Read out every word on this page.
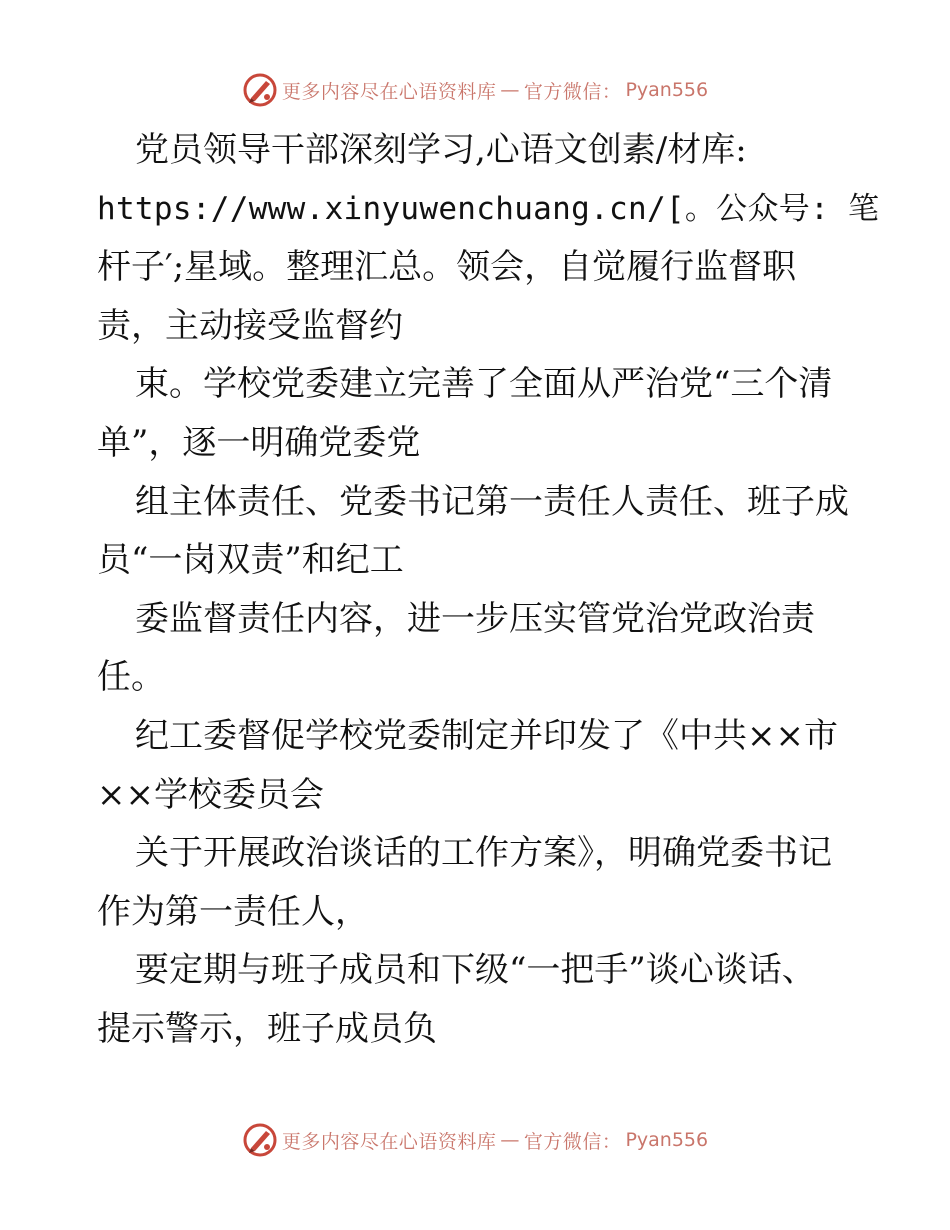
更多内容尽在心语资料库 — 官方微信： Pyan556
党员领导干部深刻学习,心语文创素/材库:
https://www.xinyuwenchuang.cn/[。公众号: 笔
杆子′;星域。整理汇总。领会，自觉履行监督职
责，主动接受监督约
束。学校党委建立完善了全面从严治党“三个清
单”，逐一明确党委党
组主体责任、党委书记第一责任人责任、班子成
员“一岗双责”和纪工
委监督责任内容，进一步压实管党治党政治责
任。
纪工委督促学校党委制定并印发了《中共××市
××学校委员会
关于开展政治谈话的工作方案》，明确党委书记
作为第一责任人，
要定期与班子成员和下级“一把手”谈心谈话、
提示警示，班子成员负
更多内容尽在心语资料库 — 官方微信： Pyan556
